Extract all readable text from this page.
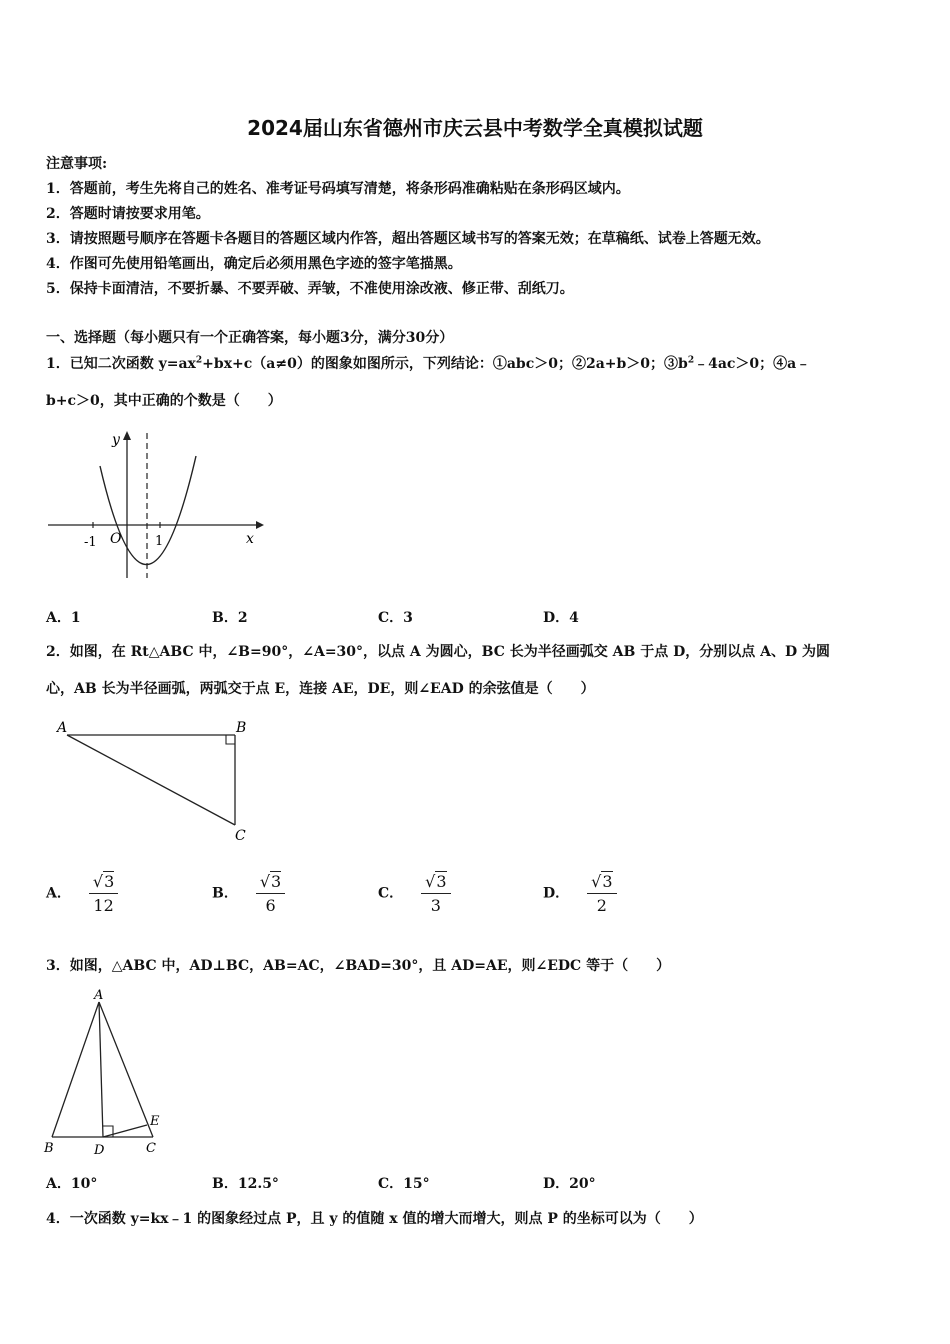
2024届山东省德州市庆云县中考数学全真模拟试题
注意事项:
1．答题前，考生先将自己的姓名、准考证号码填写清楚，将条形码准确粘贴在条形码区域内。
2．答题时请按要求用笔。
3．请按照题号顺序在答题卡各题目的答题区域内作答，超出答题区域书写的答案无效；在草稿纸、试卷上答题无效。
4．作图可先使用铅笔画出，确定后必须用黑色字迹的签字笔描黑。
5．保持卡面清洁，不要折暴、不要弄破、弄皱，不准使用涂改液、修正带、刮纸刀。
一、选择题（每小题只有一个正确答案，每小题3分，满分30分）
1．已知二次函数 $y=ax^2+bx+c(a\ne 0)$的图象如图所示，下列结论：①abc＞0；②2a+b＞0；$③b^2﹣4ac>0$；④a﹣
b+c＞0，其中正确的个数是（　　）
y
x
O
-1	1
A．1	B．2	C．3	D．4
2．如图，在 Rt△ABC 中，∠B=90°，∠A=30°，以点 A 为圆心，BC 长为半径画弧交 AB 于点 D，分别以点 A、D 为圆
心，AB 长为半径画弧，两弧交于点 E，连接 AE，DE，则∠EAD 的余弦值是（　　）
A	B
C
A． $\frac{√3}{12}$	B． $\frac{√3}{6}$	C． $\frac{√3}{3}$	D． $\frac{√3}{2}$
3．如图，△ABC 中，AD⊥BC，AB=AC，∠BAD=30°，且 AD=AE，则∠EDC 等于（　　）
A
B	C
D
E
A．10°	B．12.5°	C．15°	D．20°
4．一次函数 y=kx﹣1 的图象经过点 P，且 y 的值随 x 值的增大而增大，则点 P 的坐标可以为（　　）
